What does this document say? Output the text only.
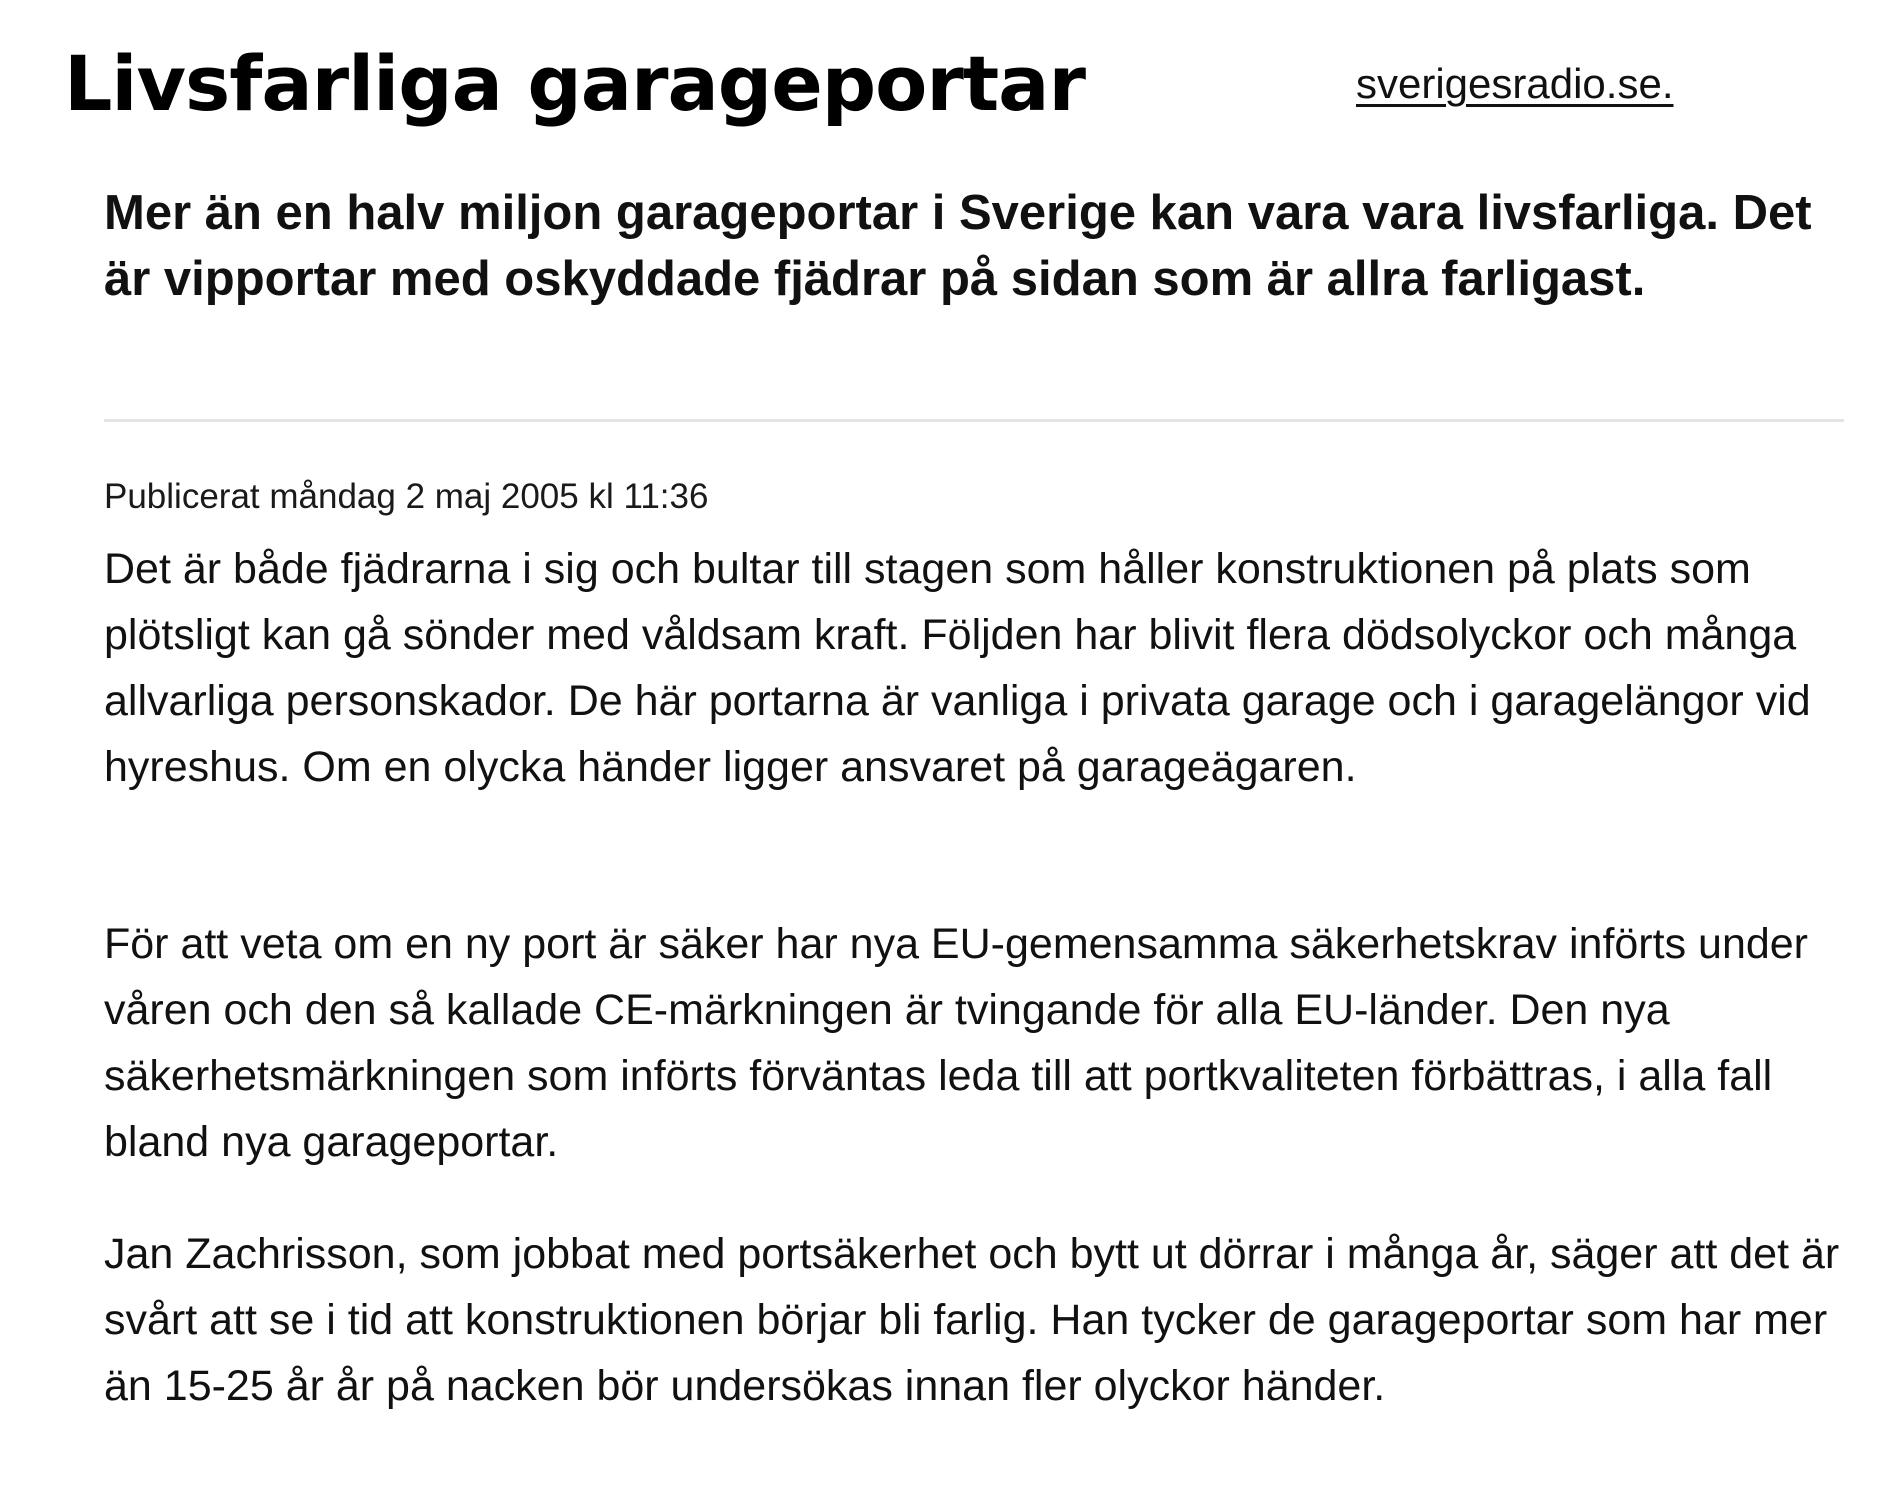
Livsfarliga garageportar	sverigesradio.se.

Mer än en halv miljon garageportar i Sverige kan vara vara livsfarliga. Det är vipportar med oskyddade fjädrar på sidan som är allra farligast.

Publicerat måndag 2 maj 2005 kl 11:36

Det är både fjädrarna i sig och bultar till stagen som håller konstruktionen på plats som plötsligt kan gå sönder med våldsam kraft. Följden har blivit flera dödsolyckor och många allvarliga personskador. De här portarna är vanliga i privata garage och i garagelängor vid hyreshus. Om en olycka händer ligger ansvaret på garageägaren.

För att veta om en ny port är säker har nya EU-gemensamma säkerhetskrav införts under våren och den så kallade CE-märkningen är tvingande för alla EU-länder. Den nya säkerhetsmärkningen som införts förväntas leda till att portkvaliteten förbättras, i alla fall bland nya garageportar.

Jan Zachrisson, som jobbat med portsäkerhet och bytt ut dörrar i många år, säger att det är svårt att se i tid att konstruktionen börjar bli farlig. Han tycker de garageportar som har mer än 15-25 år år på nacken bör undersökas innan fler olyckor händer.
